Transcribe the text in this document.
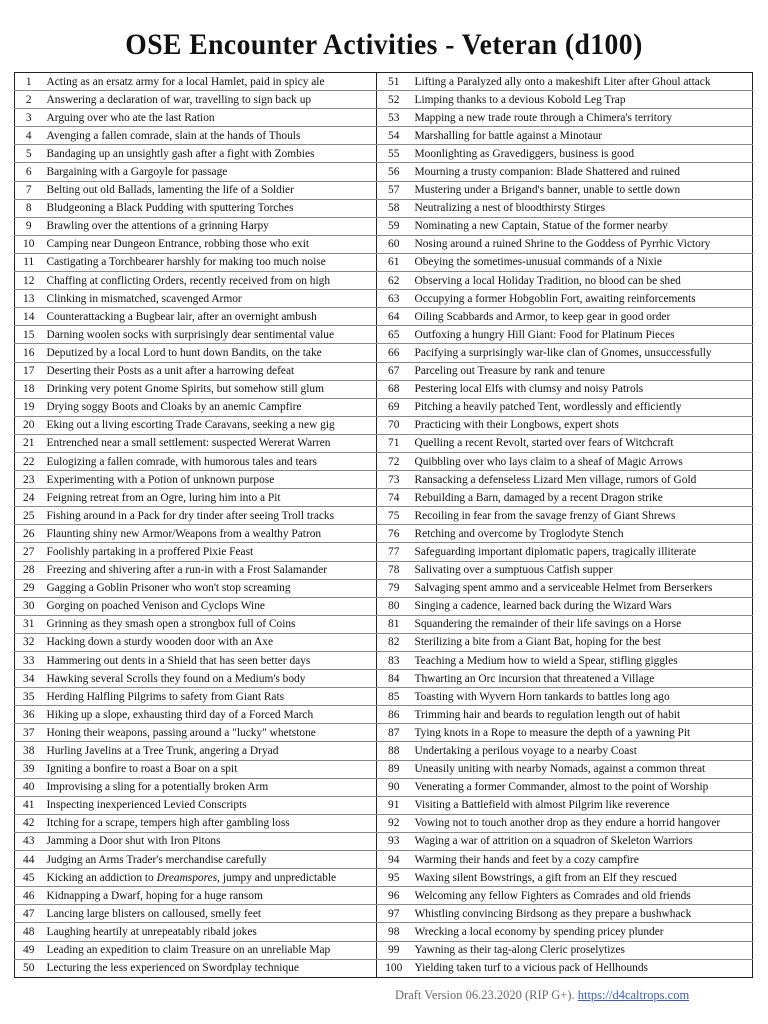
OSE Encounter Activities - Veteran (d100)
1	Acting as an ersatz army for a local Hamlet, paid in spicy ale	51	Lifting a Paralyzed ally onto a makeshift Liter after Ghoul attack
2	Answering a declaration of war, travelling to sign back up	52	Limping thanks to a devious Kobold Leg Trap
3	Arguing over who ate the last Ration	53	Mapping a new trade route through a Chimera's territory
4	Avenging a fallen comrade, slain at the hands of Thouls	54	Marshalling for battle against a Minotaur
5	Bandaging up an unsightly gash after a fight with Zombies	55	Moonlighting as Gravediggers, business is good
6	Bargaining with a Gargoyle for passage	56	Mourning a trusty companion: Blade Shattered and ruined
7	Belting out old Ballads, lamenting the life of a Soldier	57	Mustering under a Brigand's banner, unable to settle down
8	Bludgeoning a Black Pudding with sputtering Torches	58	Neutralizing a nest of bloodthirsty Stirges
9	Brawling over the attentions of a grinning Harpy	59	Nominating a new Captain, Statue of the former nearby
10	Camping near Dungeon Entrance, robbing those who exit	60	Nosing around a ruined Shrine to the Goddess of Pyrrhic Victory
11	Castigating a Torchbearer harshly for making too much noise	61	Obeying the sometimes-unusual commands of a Nixie
12	Chaffing at conflicting Orders, recently received from on high	62	Observing a local Holiday Tradition, no blood can be shed
13	Clinking in mismatched, scavenged Armor	63	Occupying a former Hobgoblin Fort, awaiting reinforcements
14	Counterattacking a Bugbear lair, after an overnight ambush	64	Oiling Scabbards and Armor, to keep gear in good order
15	Darning woolen socks with surprisingly dear sentimental value	65	Outfoxing a hungry Hill Giant: Food for Platinum Pieces
16	Deputized by a local Lord to hunt down Bandits, on the take	66	Pacifying a surprisingly war-like clan of Gnomes, unsuccessfully
17	Deserting their Posts as a unit after a harrowing defeat	67	Parceling out Treasure by rank and tenure
18	Drinking very potent Gnome Spirits, but somehow still glum	68	Pestering local Elfs with clumsy and noisy Patrols
19	Drying soggy Boots and Cloaks by an anemic Campfire	69	Pitching a heavily patched Tent, wordlessly and efficiently
20	Eking out a living escorting Trade Caravans, seeking a new gig	70	Practicing with their Longbows, expert shots
21	Entrenched near a small settlement: suspected Wererat Warren	71	Quelling a recent Revolt, started over fears of Witchcraft
22	Eulogizing a fallen comrade, with humorous tales and tears	72	Quibbling over who lays claim to a sheaf of Magic Arrows
23	Experimenting with a Potion of unknown purpose	73	Ransacking a defenseless Lizard Men village, rumors of Gold
24	Feigning retreat from an Ogre, luring him into a Pit	74	Rebuilding a Barn, damaged by a recent Dragon strike
25	Fishing around in a Pack for dry tinder after seeing Troll tracks	75	Recoiling in fear from the savage frenzy of Giant Shrews
26	Flaunting shiny new Armor/Weapons from a wealthy Patron	76	Retching and overcome by Troglodyte Stench
27	Foolishly partaking in a proffered Pixie Feast	77	Safeguarding important diplomatic papers, tragically illiterate
28	Freezing and shivering after a run-in with a Frost Salamander	78	Salivating over a sumptuous Catfish supper
29	Gagging a Goblin Prisoner who won't stop screaming	79	Salvaging spent ammo and a serviceable Helmet from Berserkers
30	Gorging on poached Venison and Cyclops Wine	80	Singing a cadence, learned back during the Wizard Wars
31	Grinning as they smash open a strongbox full of Coins	81	Squandering the remainder of their life savings on a Horse
32	Hacking down a sturdy wooden door with an Axe	82	Sterilizing a bite from a Giant Bat, hoping for the best
33	Hammering out dents in a Shield that has seen better days	83	Teaching a Medium how to wield a Spear, stifling giggles
34	Hawking several Scrolls they found on a Medium's body	84	Thwarting an Orc incursion that threatened a Village
35	Herding Halfling Pilgrims to safety from Giant Rats	85	Toasting with Wyvern Horn tankards to battles long ago
36	Hiking up a slope, exhausting third day of a Forced March	86	Trimming hair and beards to regulation length out of habit
37	Honing their weapons, passing around a "lucky" whetstone	87	Tying knots in a Rope to measure the depth of a yawning Pit
38	Hurling Javelins at a Tree Trunk, angering a Dryad	88	Undertaking a perilous voyage to a nearby Coast
39	Igniting a bonfire to roast a Boar on a spit	89	Uneasily uniting with nearby Nomads, against a common threat
40	Improvising a sling for a potentially broken Arm	90	Venerating a former Commander, almost to the point of Worship
41	Inspecting inexperienced Levied Conscripts	91	Visiting a Battlefield with almost Pilgrim like reverence
42	Itching for a scrape, tempers high after gambling loss	92	Vowing not to touch another drop as they endure a horrid hangover
43	Jamming a Door shut with Iron Pitons	93	Waging a war of attrition on a squadron of Skeleton Warriors
44	Judging an Arms Trader's merchandise carefully	94	Warming their hands and feet by a cozy campfire
45	Kicking an addiction to Dreamspores, jumpy and unpredictable	95	Waxing silent Bowstrings, a gift from an Elf they rescued
46	Kidnapping a Dwarf, hoping for a huge ransom	96	Welcoming any fellow Fighters as Comrades and old friends
47	Lancing large blisters on calloused, smelly feet	97	Whistling convincing Birdsong as they prepare a bushwhack
48	Laughing heartily at unrepeatably ribald jokes	98	Wrecking a local economy by spending pricey plunder
49	Leading an expedition to claim Treasure on an unreliable Map	99	Yawning as their tag-along Cleric proselytizes
50	Lecturing the less experienced on Swordplay technique	100	Yielding taken turf to a vicious pack of Hellhounds
Draft Version 06.23.2020 (RIP G+). https://d4caltrops.com
